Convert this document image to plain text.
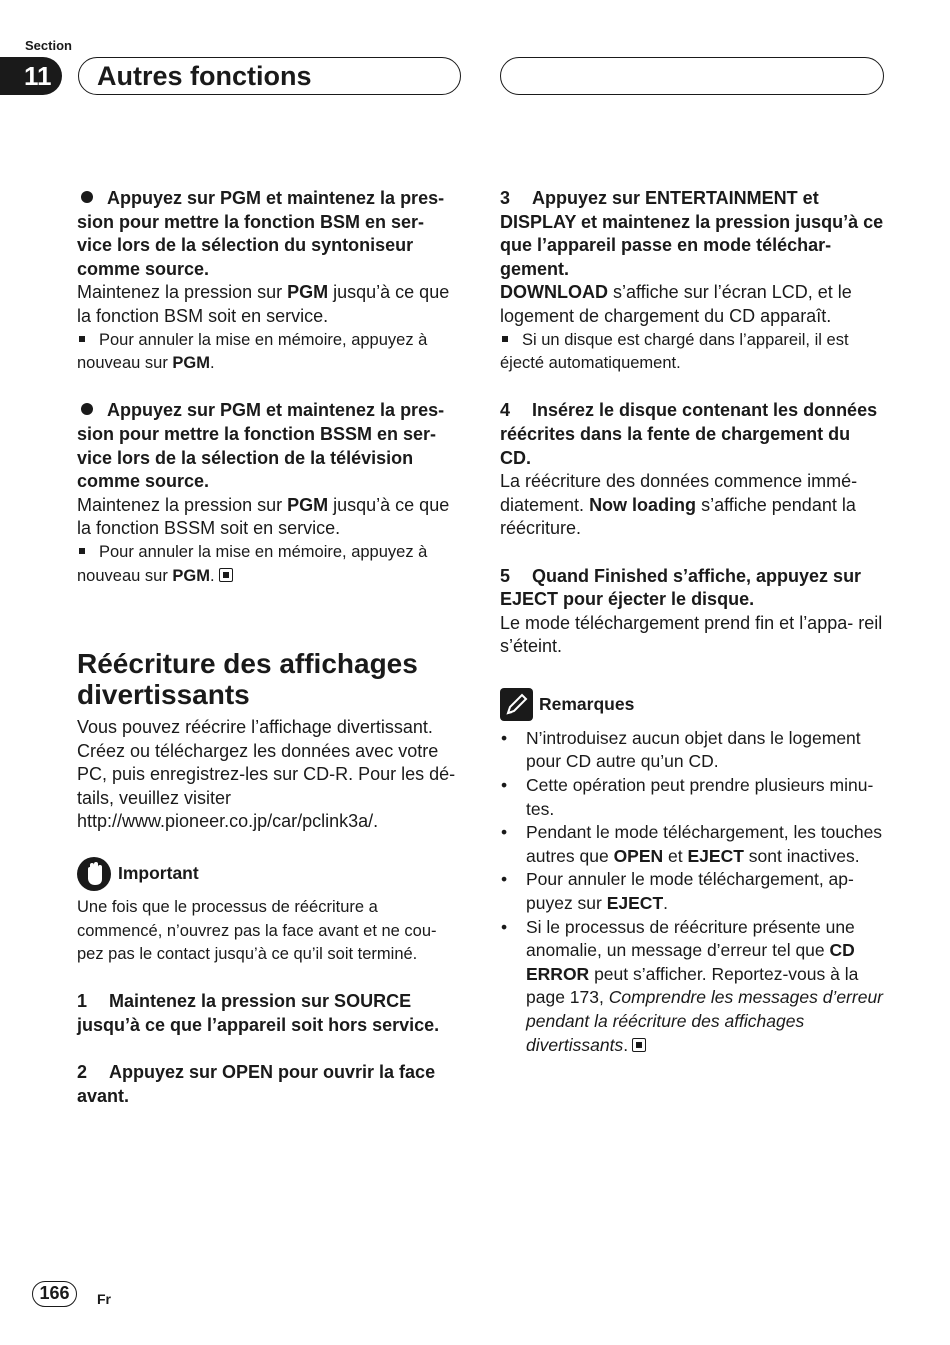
Section
11	Autres fonctions

Appuyez sur PGM et maintenez la pres- sion pour mettre la fonction BSM en ser- vice lors de la sélection du syntoniseur comme source.

Maintenez la pression sur PGM jusqu’à ce que la fonction BSM soit en service.

Pour annuler la mise en mémoire, appuyez à nouveau sur PGM.

Appuyez sur PGM et maintenez la pres- sion pour mettre la fonction BSSM en ser- vice lors de la sélection de la télévision comme source.

Maintenez la pression sur PGM jusqu’à ce que la fonction BSSM soit en service.

Pour annuler la mise en mémoire, appuyez à nouveau sur PGM.

Réécriture des affichages divertissants

Vous pouvez réécrire l’affichage divertissant. Créez ou téléchargez les données avec votre PC, puis enregistrez-les sur CD-R. Pour les dé- tails, veuillez visiter

http://www.pioneer.co.jp/car/pclink3a/.

Important

Une fois que le processus de réécriture a commencé, n’ouvrez pas la face avant et ne cou- pez pas le contact jusqu’à ce qu’il soit terminé.

1 Maintenez la pression sur SOURCE jusqu’à ce que l’appareil soit hors service.

2 Appuyez sur OPEN pour ouvrir la face avant.

3 Appuyez sur ENTERTAINMENT et DISPLAY et maintenez la pression jusqu’à ce que l’appareil passe en mode téléchar- gement.

DOWNLOAD s’affiche sur l’écran LCD, et le logement de chargement du CD apparaît.

Si un disque est chargé dans l’appareil, il est éjecté automatiquement.

4 Insérez le disque contenant les données réécrites dans la fente de chargement du CD.

La réécriture des données commence immé- diatement. Now loading s’affiche pendant la réécriture.

5 Quand Finished s’affiche, appuyez sur EJECT pour éjecter le disque.

Le mode téléchargement prend fin et l’appa- reil s’éteint.

Remarques
• N’introduisez aucun objet dans le logement pour CD autre qu’un CD.
• Cette opération peut prendre plusieurs minu- tes.
• Pendant le mode téléchargement, les touches autres que OPEN et EJECT sont inactives.
• Pour annuler le mode téléchargement, ap- puyez sur EJECT.
• Si le processus de réécriture présente une anomalie, un message d’erreur tel que CD ERROR peut s’afficher. Reportez-vous à la page 173, Comprendre les messages d’erreur pendant la réécriture des affichages divertissants.
166	Fr
